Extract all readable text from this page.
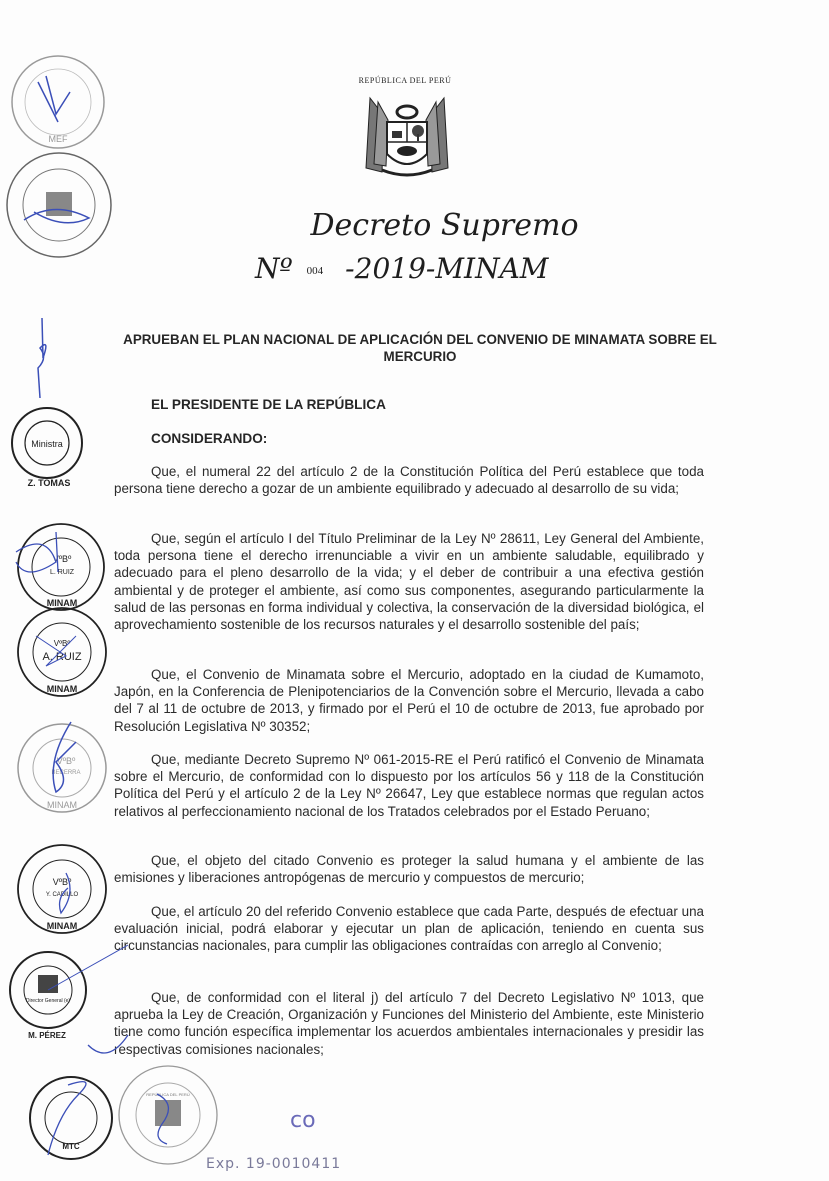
REPÚBLICA DEL PERÚ
Decreto Supremo
Nº 004 -2019-MINAM
APRUEBAN EL PLAN NACIONAL DE APLICACIÓN DEL CONVENIO DE MINAMATA SOBRE EL MERCURIO
EL PRESIDENTE DE LA REPÚBLICA
CONSIDERANDO:
Que, el numeral 22 del artículo 2 de la Constitución Política del Perú establece que toda persona tiene derecho a gozar de un ambiente equilibrado y adecuado al desarrollo de su vida;
Que, según el artículo I del Título Preliminar de la Ley Nº 28611, Ley General del Ambiente, toda persona tiene el derecho irrenunciable a vivir en un ambiente saludable, equilibrado y adecuado para el pleno desarrollo de la vida; y el deber de contribuir a una efectiva gestión ambiental y de proteger el ambiente, así como sus componentes, asegurando particularmente la salud de las personas en forma individual y colectiva, la conservación de la diversidad biológica, el aprovechamiento sostenible de los recursos naturales y el desarrollo sostenible del país;
Que, el Convenio de Minamata sobre el Mercurio, adoptado en la ciudad de Kumamoto, Japón, en la Conferencia de Plenipotenciarios de la Convención sobre el Mercurio, llevada a cabo del 7 al 11 de octubre de 2013, y firmado por el Perú el 10 de octubre de 2013, fue aprobado por Resolución Legislativa Nº 30352;
Que, mediante Decreto Supremo Nº 061-2015-RE el Perú ratificó el Convenio de Minamata sobre el Mercurio, de conformidad con lo dispuesto por los artículos 56 y 118 de la Constitución Política del Perú y el artículo 2 de la Ley Nº 26647, Ley que establece normas que regulan actos relativos al perfeccionamiento nacional de los Tratados celebrados por el Estado Peruano;
Que, el objeto del citado Convenio es proteger la salud humana y el ambiente de las emisiones y liberaciones antropógenas de mercurio y compuestos de mercurio;
Que, el artículo 20 del referido Convenio establece que cada Parte, después de efectuar una evaluación inicial, podrá elaborar y ejecutar un plan de aplicación, teniendo en cuenta sus circunstancias nacionales, para cumplir las obligaciones contraídas con arreglo al Convenio;
Que, de conformidad con el literal j) del artículo 7 del Decreto Legislativo Nº 1013, que aprueba la Ley de Creación, Organización y Funciones del Ministerio del Ambiente, este Ministerio tiene como función específica implementar los acuerdos ambientales internacionales y presidir las respectivas comisiones nacionales;
MEF
Ministra
Z. TOMAS
VºBº
L. RUIZ
MINAM
VºBº
A. RUIZ
MINAM
VºBº
BECERRA
MINAM
VºBº
Y. CADILLO
MINAM
Director General (e)
M. PÉREZ
MTC
REPÚBLICA DEL PERÚ
co
Exp. 19-0010411
